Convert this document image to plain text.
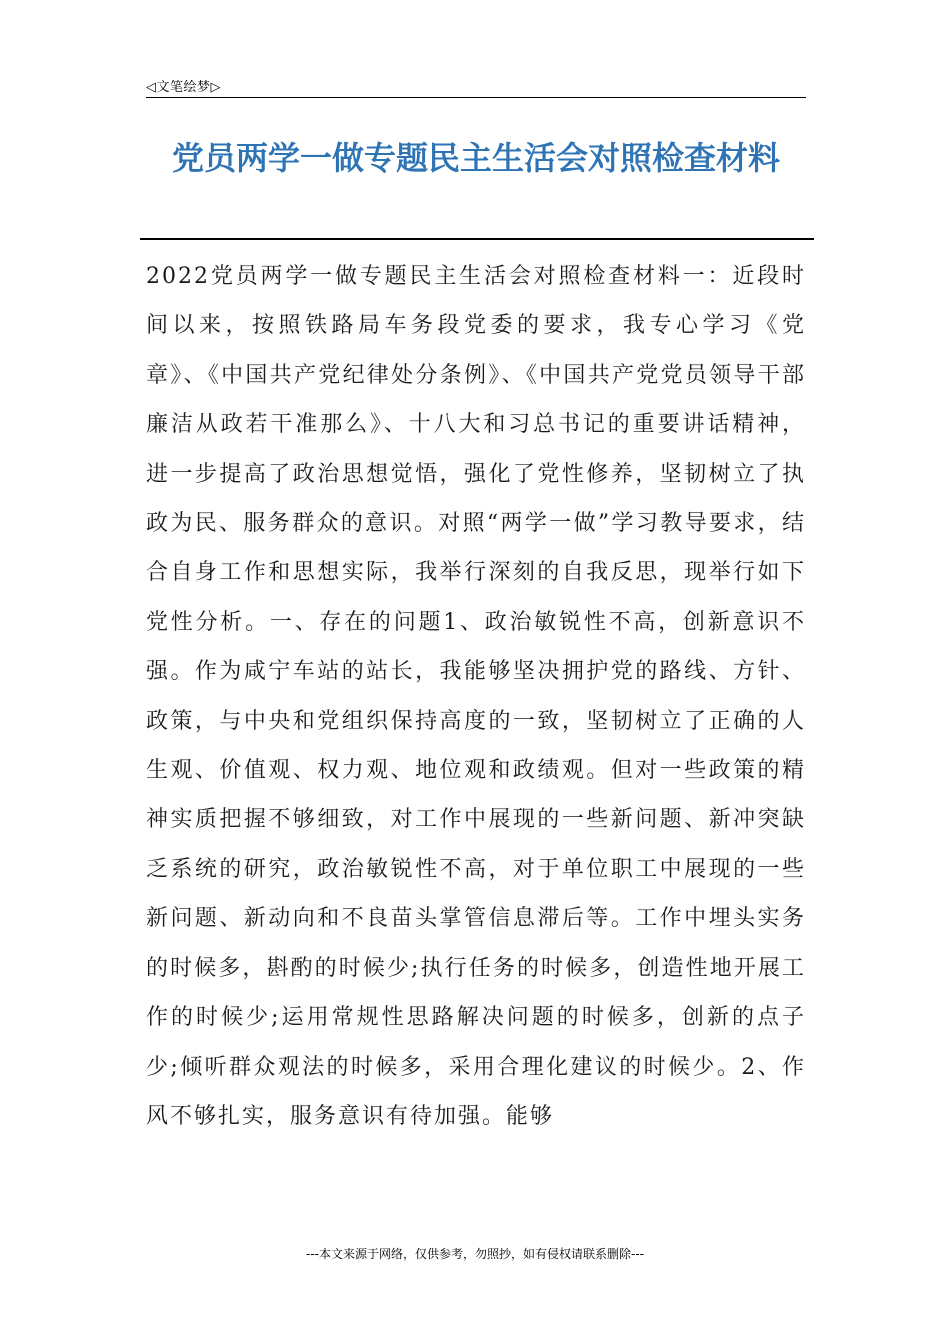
◁文笔绘梦▷
党员两学一做专题民主生活会对照检查材料

2022党员两学一做专题民主生活会对照检查材料一：近段时间以来，按照铁路局车务段党委的要求，我专心学习《党章》、《中国共产党纪律处分条例》、《中国共产党党员领导干部廉洁从政若干准那么》、十八大和习总书记的重要讲话精神，进一步提高了政治思想觉悟，强化了党性修养，坚韧树立了执政为民、服务群众的意识。对照“两学一做”学习教导要求，结合自身工作和思想实际，我举行深刻的自我反思，现举行如下党性分析。一、存在的问题1、政治敏锐性不高，创新意识不强。作为咸宁车站的站长，我能够坚决拥护党的路线、方针、政策，与中央和党组织保持高度的一致，坚韧树立了正确的人生观、价值观、权力观、地位观和政绩观。但对一些政策的精神实质把握不够细致，对工作中展现的一些新问题、新冲突缺乏系统的研究，政治敏锐性不高，对于单位职工中展现的一些新问题、新动向和不良苗头掌管信息滞后等。工作中埋头实务的时候多，斟酌的时候少;执行任务的时候多，创造性地开展工作的时候少;运用常规性思路解决问题的时候多，创新的点子少;倾听群众观法的时候多，采用合理化建议的时候少。2、作风不够扎实，服务意识有待加强。能够

---本文来源于网络，仅供参考，勿照抄，如有侵权请联系删除---
